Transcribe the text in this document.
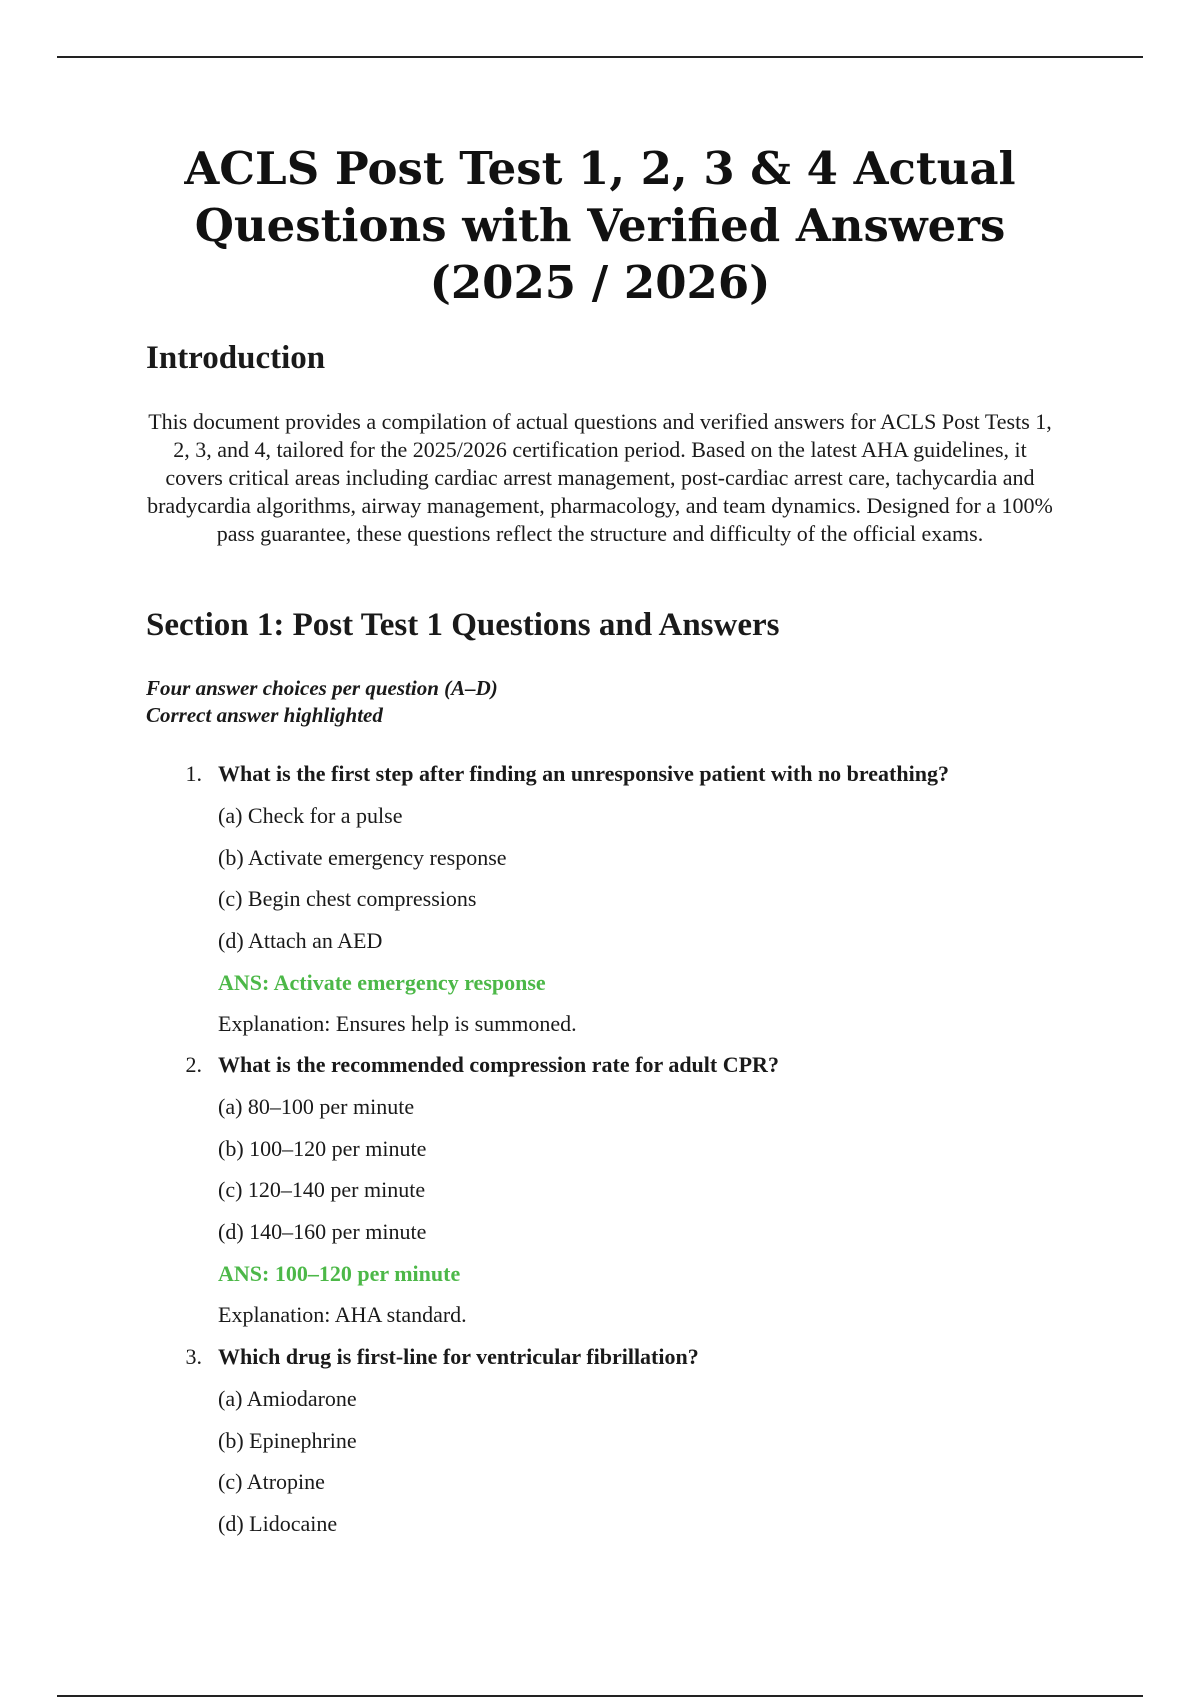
ACLS Post Test 1, 2, 3 & 4 Actual Questions with Verified Answers (2025 / 2026)
Introduction

This document provides a compilation of actual questions and verified answers for ACLS Post Tests 1, 2, 3, and 4, tailored for the 2025/2026 certification period. Based on the latest AHA guidelines, it covers critical areas including cardiac arrest management, post-cardiac arrest care, tachycardia and bradycardia algorithms, airway management, pharmacology, and team dynamics. Designed for a 100% pass guarantee, these questions reflect the structure and difficulty of the official exams.

Section 1: Post Test 1 Questions and Answers

Four answer choices per question (A–D)
Correct answer highlighted

1. What is the first step after finding an unresponsive patient with no breathing?
(a) Check for a pulse
(b) Activate emergency response
(c) Begin chest compressions
(d) Attach an AED
ANS: Activate emergency response
Explanation: Ensures help is summoned.
2. What is the recommended compression rate for adult CPR?
(a) 80–100 per minute
(b) 100–120 per minute
(c) 120–140 per minute
(d) 140–160 per minute
ANS: 100–120 per minute
Explanation: AHA standard.
3. Which drug is first-line for ventricular fibrillation?
(a) Amiodarone
(b) Epinephrine
(c) Atropine
(d) Lidocaine
